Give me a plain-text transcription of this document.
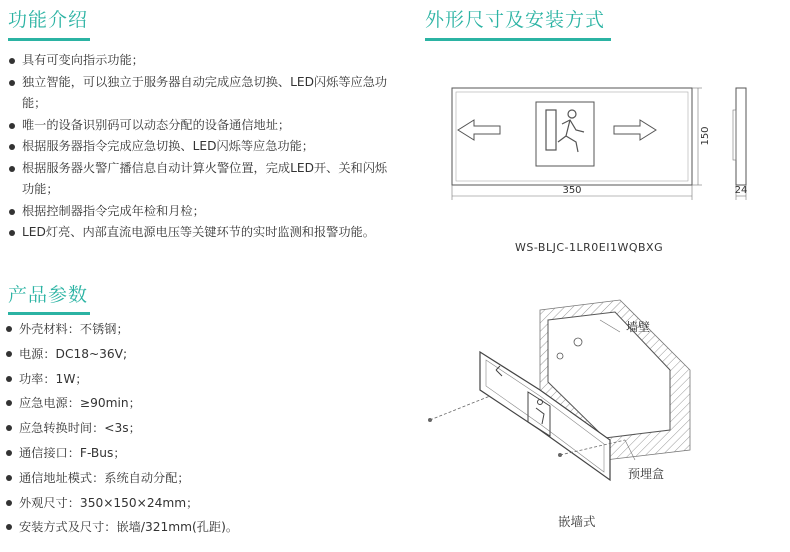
功能介绍
具有可变向指示功能；
独立智能，可以独立于服务器自动完成应急切换、LED闪烁等应急功能；
唯一的设备识别码可以动态分配的设备通信地址；
根据服务器指令完成应急切换、LED闪烁等应急功能；
根据服务器火警广播信息自动计算火警位置，完成LED开、关和闪烁功能；
根据控制器指令完成年检和月检；
LED灯亮、内部直流电源电压等关键环节的实时监测和报警功能。
产品参数
外壳材料：不锈钢；
电源：DC18~36V;
功率：1W；
应急电源：≥90min；
应急转换时间：<3s；
通信接口：F-Bus；
通信地址模式：系统自动分配；
外观尺寸：350×150×24mm；
安装方式及尺寸：嵌墙/321mm(孔距)。
外形尺寸及安装方式
150
350	24
WS-BLJC-1LR0EI1WQBXG
墙壁
预埋盒
嵌墙式
